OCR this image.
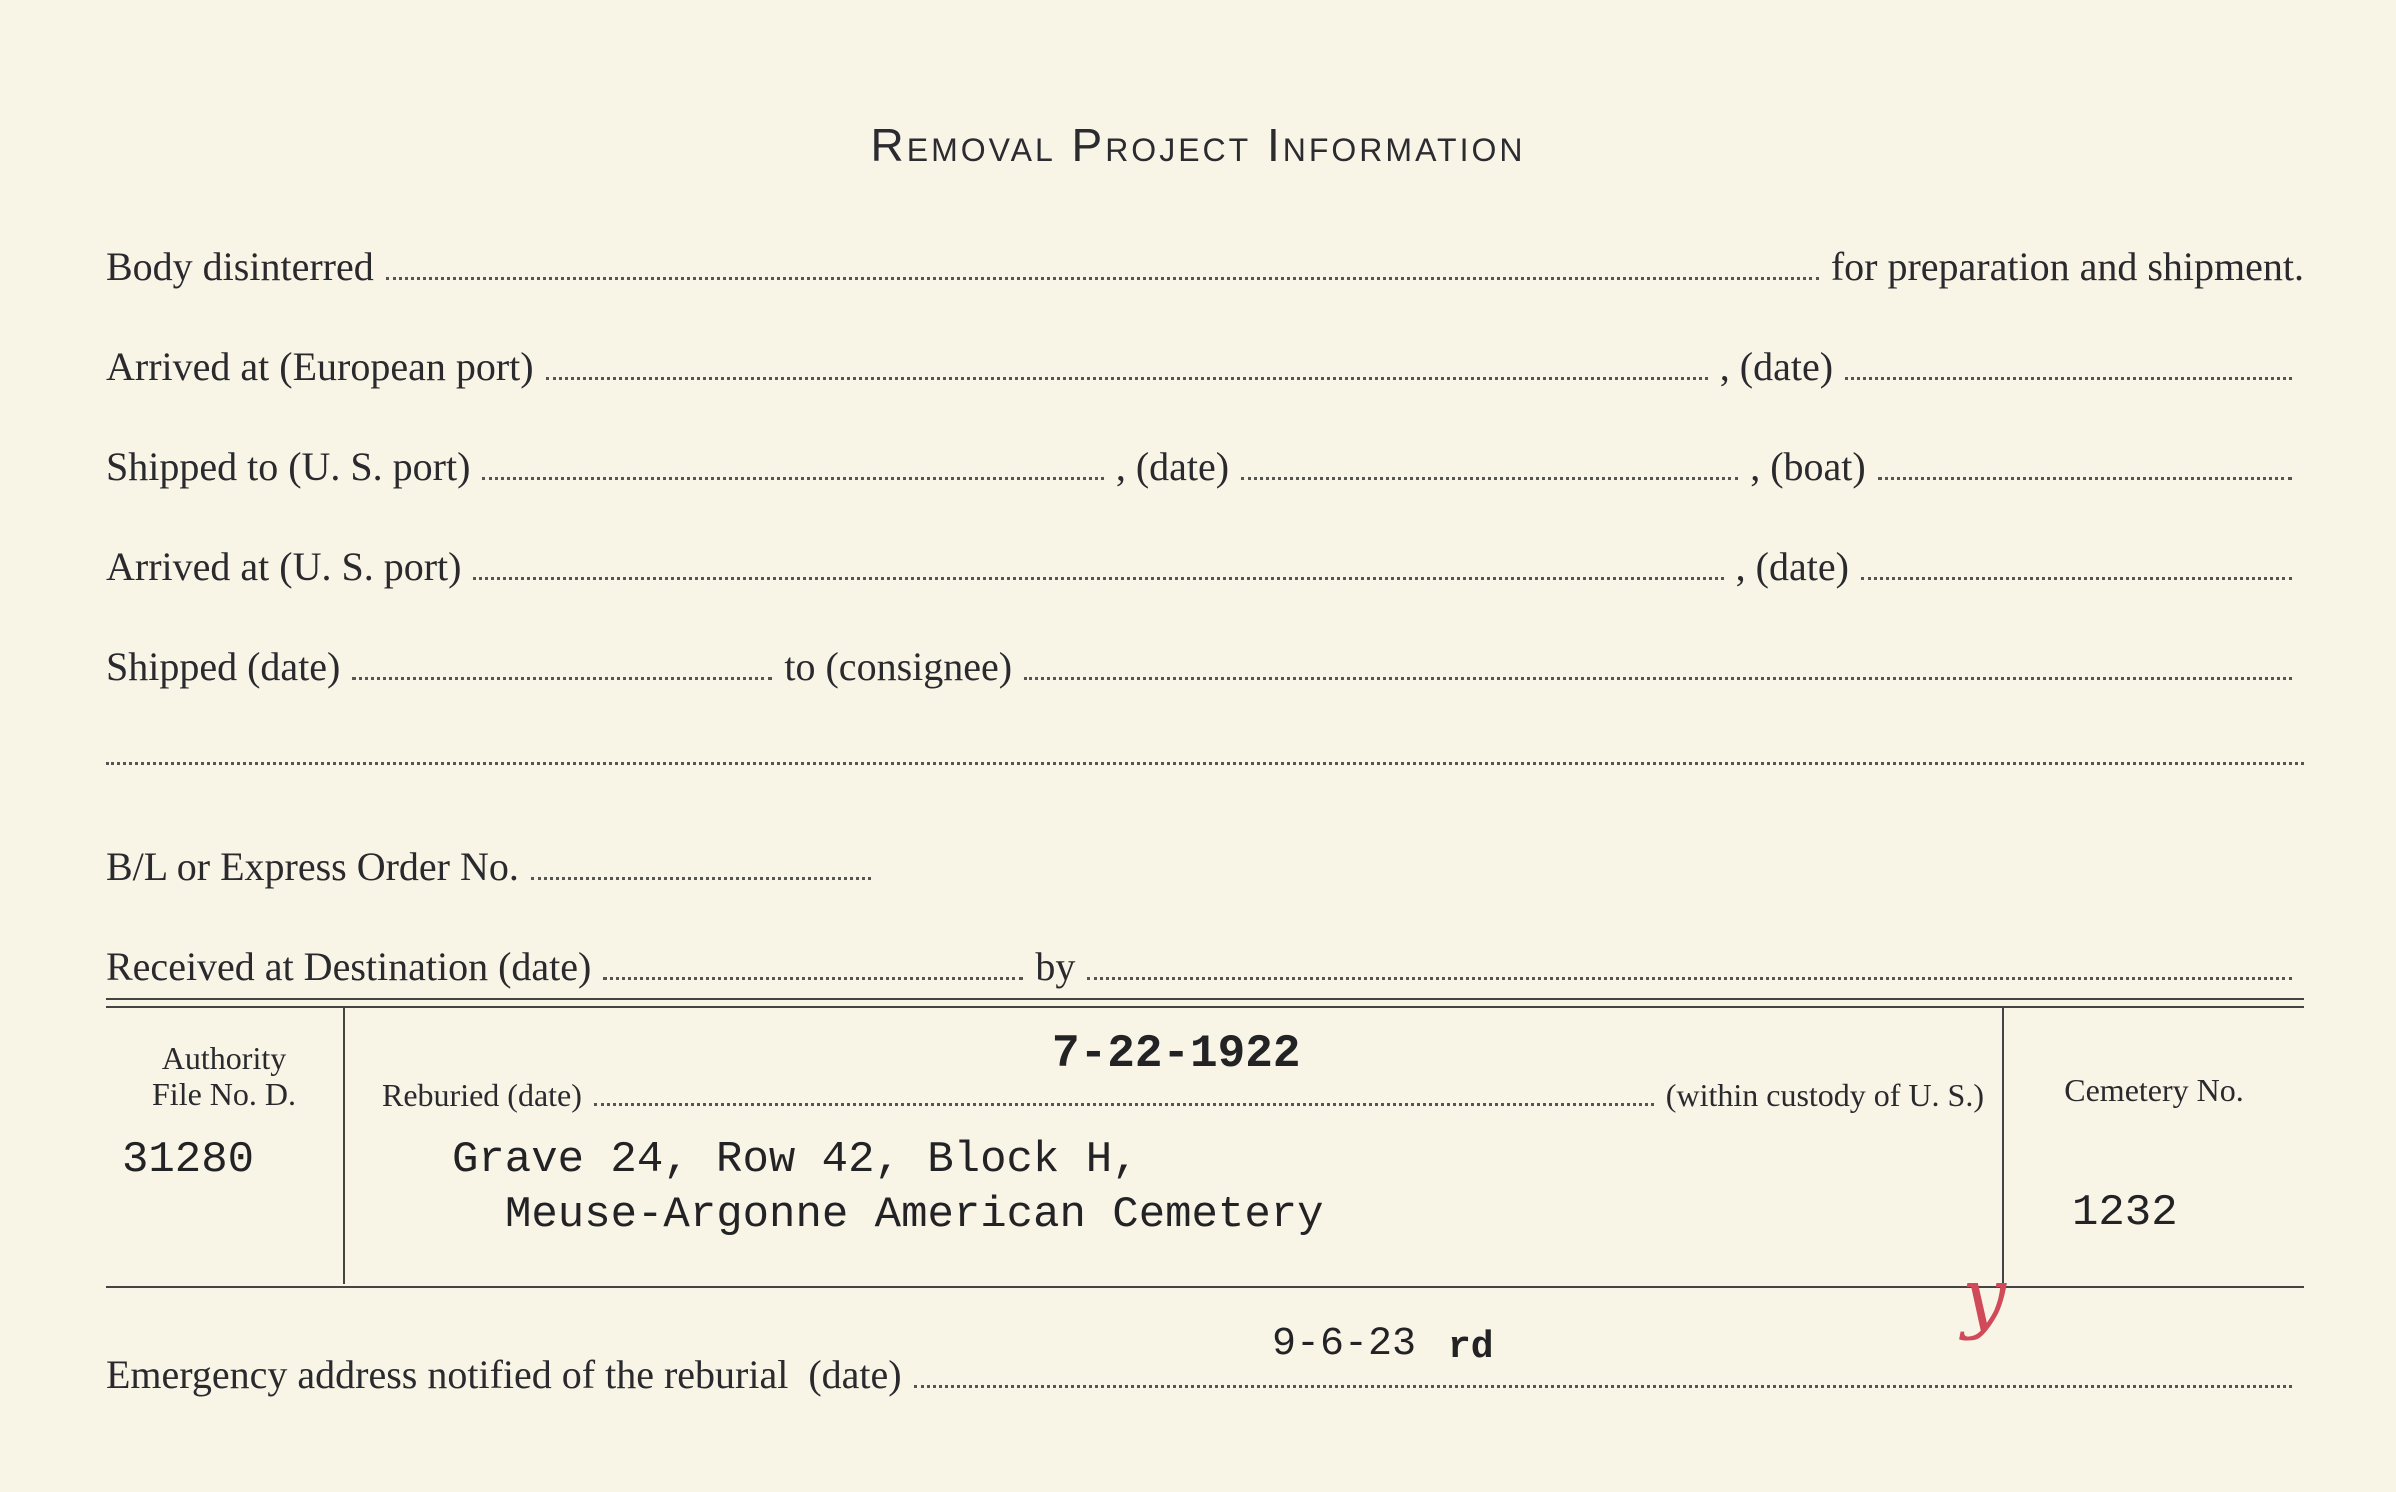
Removal Project Information
Body disinterred	for preparation and shipment.
Arrived at (European port)	, (date)
Shipped to (U. S. port)	, (date)	, (boat)
Arrived at (U. S. port)	, (date)
Shipped (date)	to (consignee)
B/L or Express Order No.
Received at Destination (date)	by
Authority
File No. D.
31280
7-22-1922
Reburied (date)	(within custody of U. S.)
Grave 24, Row 42, Block H,
Meuse-Argonne American Cemetery
Cemetery No.
1232
y
9-6-23 rd
Emergency address notified of the reburial  (date)
